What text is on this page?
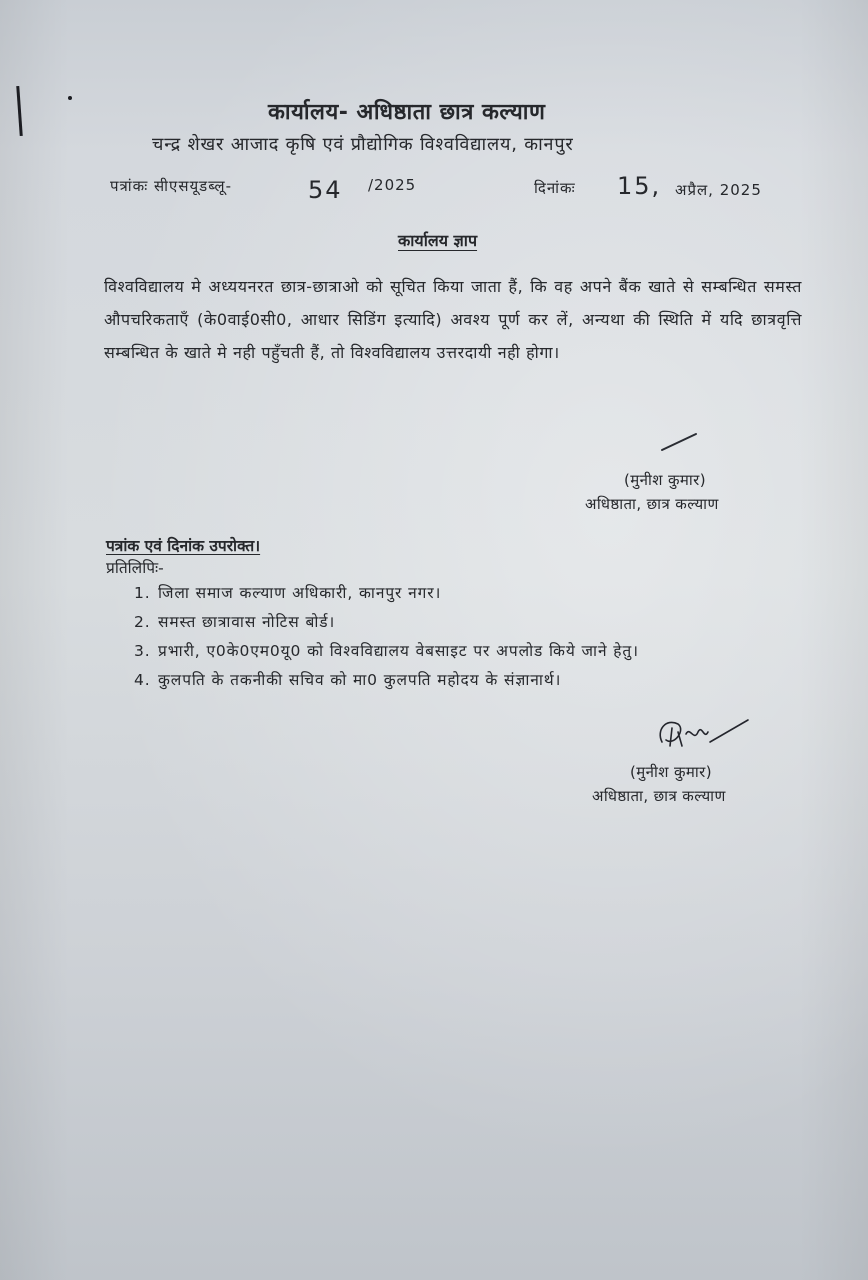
कार्यालय- अधिष्ठाता छात्र कल्याण
चन्द्र शेखर आजाद कृषि एवं प्रौद्योगिक विश्वविद्यालय, कानपुर
पत्रांकः सीएसयूडब्लू-	54 /2025	दिनांकः 15, अप्रैल, 2025
कार्यालय ज्ञाप
विश्वविद्यालय मे अध्ययनरत छात्र-छात्राओ को सूचित किया जाता हैं, कि वह अपने बैंक खाते से सम्बन्धित समस्त औपचरिकताएँ (के0वाई0सी0, आधार सिडिंग इत्यादि) अवश्य पूर्ण कर लें, अन्यथा की स्थिति में यदि छात्रवृत्ति सम्बन्धित के खाते मे नही पहुँचती हैं, तो विश्वविद्यालय उत्तरदायी नही होगा।
(मुनीश कुमार)
अधिष्ठाता, छात्र कल्याण
पत्रांक एवं दिनांक उपरोक्त।
प्रतिलिपिः-
1. जिला समाज कल्याण अधिकारी, कानपुर नगर।
2. समस्त छात्रावास नोटिस बोर्ड।
3. प्रभारी, ए0के0एम0यू0 को विश्वविद्यालय वेबसाइट पर अपलोड किये जाने हेतु।
4. कुलपति के तकनीकी सचिव को मा0 कुलपति महोदय के संज्ञानार्थ।
(मुनीश कुमार)
अधिष्ठाता, छात्र कल्याण
